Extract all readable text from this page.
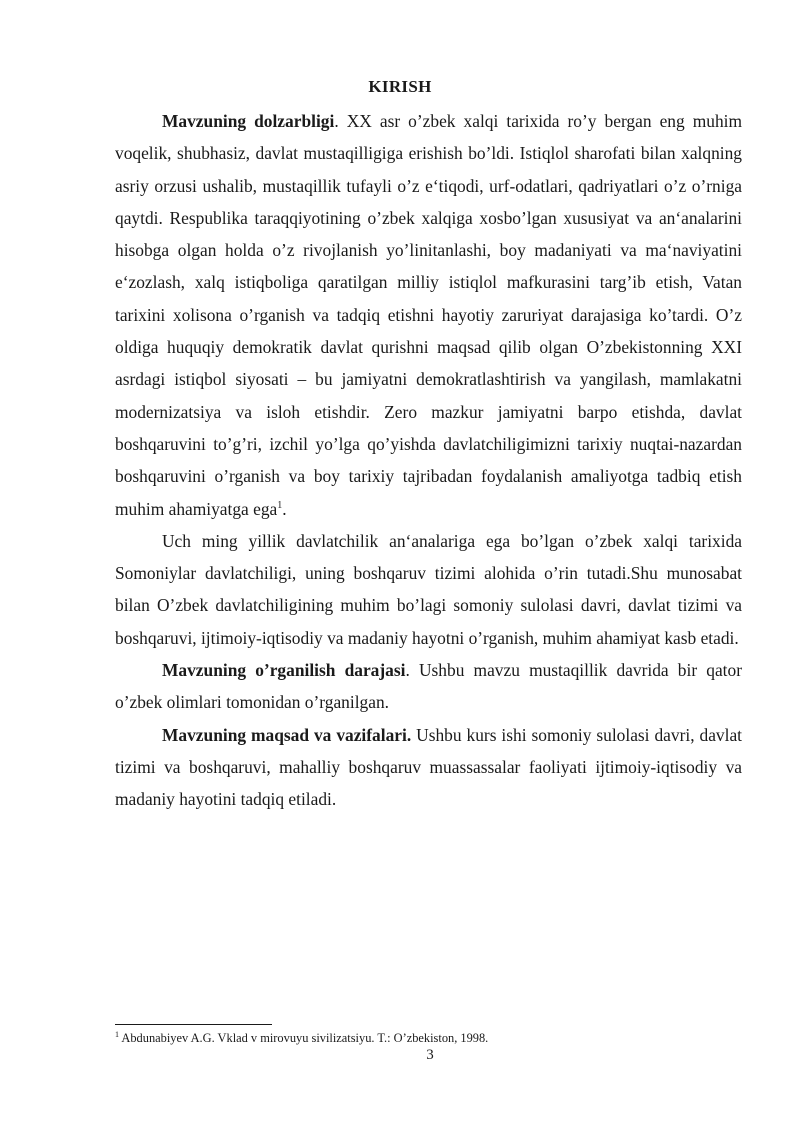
KIRISH

Mavzuning dolzarbligi. XX asr o’zbek xalqi tarixida ro’y bergan eng muhim voqelik, shubhasiz, davlat mustaqilligiga erishish bo’ldi. Istiqlol sharofati bilan xalqning asriy orzusi ushalib, mustaqillik tufayli o’z e‘tiqodi, urf-odatlari, qadriyatlari o’z o’rniga qaytdi. Respublika taraqqiyotining o’zbek xalqiga xosbo’lgan xususiyat va an‘analarini hisobga olgan holda o’z rivojlanish yo’linitanlashi, boy madaniyati va ma‘naviyatini e‘zozlash, xalq istiqboliga qaratilgan milliy istiqlol mafkurasini targ’ib etish, Vatan tarixini xolisona o’rganish va tadqiq etishni hayotiy zaruriyat darajasiga ko’tardi. O’z oldiga huquqiy demokratik davlat qurishni maqsad qilib olgan O’zbekistonning XXI asrdagi istiqbol siyosati – bu jamiyatni demokratlashtirish va yangilash, mamlakatni modernizatsiya va isloh etishdir. Zero mazkur jamiyatni barpo etishda, davlat boshqaruvini to’g’ri, izchil yo’lga qo’yishda davlatchiligimizni tarixiy nuqtai-nazardan boshqaruvini o’rganish va boy tarixiy tajribadan foydalanish amaliyotga tadbiq etish muhim ahamiyatga ega$^1$.

Uch ming yillik davlatchilik an‘analariga ega bo’lgan o’zbek xalqi tarixida Somoniylar davlatchiligi, uning boshqaruv tizimi alohida o’rin tutadi.Shu munosabat bilan O’zbek davlatchiligining muhim bo’lagi somoniy sulolasi davri, davlat tizimi va boshqaruvi, ijtimoiy-iqtisodiy va madaniy hayotni o’rganish, muhim ahamiyat kasb etadi.

Mavzuning o’rganilish darajasi. Ushbu mavzu mustaqillik davrida bir qator o’zbek olimlari tomonidan o’rganilgan.

Mavzuning maqsad va vazifalari. Ushbu kurs ishi somoniy sulolasi davri, davlat tizimi va boshqaruvi, mahalliy boshqaruv muassassalar faoliyati ijtimoiy-iqtisodiy va madaniy hayotini tadqiq etiladi.

$^1$ Abdunabiyev A.G. Vklad v mirovuyu sivilizatsiyu. T.: O’zbekiston, 1998.
3
